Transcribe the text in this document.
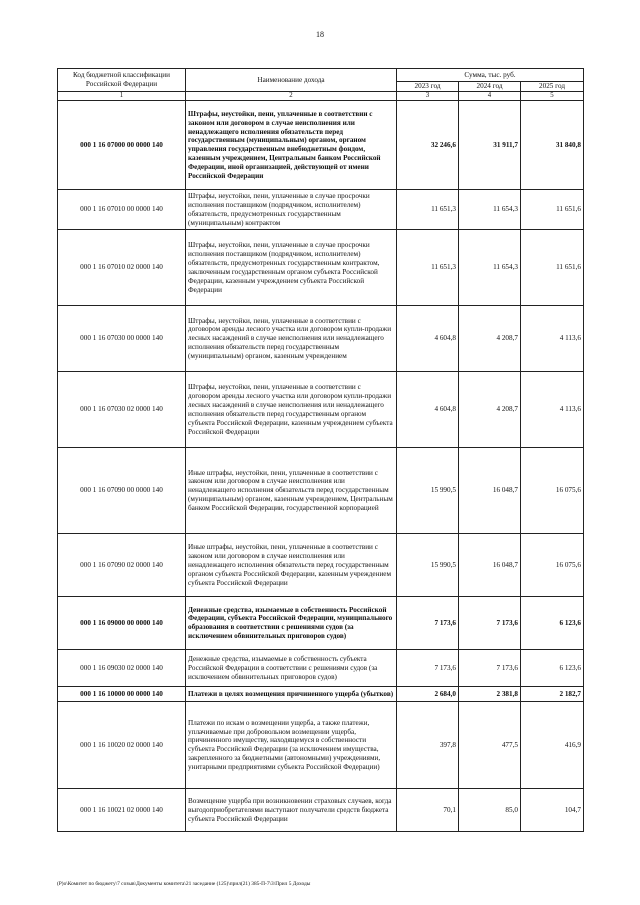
18
Код бюджетной классификации Российской Федерации	Наименование дохода	Сумма, тыс. руб.		
		2023 год	2024 год	2025 год
1	2	3	4	5
000 1 16 07000 00 0000 140	Штрафы, неустойки, пени, уплаченные в соответствии с законом или договором в случае неисполнения или ненадлежащего исполнения обязательств перед государственным (муниципальным) органом, органом управления государственным внебюджетным фондом, казенным учреждением, Центральным банком Российской Федерации, иной организацией, действующей от имени Российской Федерации	32 246,6	31 911,7	31 840,8
000 1 16 07010 00 0000 140	Штрафы, неустойки, пени, уплаченные в случае просрочки исполнения поставщиком (подрядчиком, исполнителем) обязательств, предусмотренных государственным (муниципальным) контрактом	11 651,3	11 654,3	11 651,6
000 1 16 07010 02 0000 140	Штрафы, неустойки, пени, уплаченные в случае просрочки исполнения поставщиком (подрядчиком, исполнителем) обязательств, предусмотренных государственным контрактом, заключенным государственным органом субъекта Российской Федерации, казенным учреждением субъекта Российской Федерации	11 651,3	11 654,3	11 651,6
000 1 16 07030 00 0000 140	Штрафы, неустойки, пени, уплаченные в соответствии с договором аренды лесного участка или договором купли-продажи лесных насаждений в случае неисполнения или ненадлежащего исполнения обязательств перед государственным (муниципальным) органом, казенным учреждением	4 604,8	4 208,7	4 113,6
000 1 16 07030 02 0000 140	Штрафы, неустойки, пени, уплаченные в соответствии с договором аренды лесного участка или договором купли-продажи лесных насаждений в случае неисполнения или ненадлежащего исполнения обязательств перед государственным органом субъекта Российской Федерации, казенным учреждением субъекта Российской Федерации	4 604,8	4 208,7	4 113,6
000 1 16 07090 00 0000 140	Иные штрафы, неустойки, пени, уплаченные в соответствии с законом или договором в случае неисполнения или ненадлежащего исполнения обязательств перед государственным (муниципальным) органом, казенным учреждением, Центральным банком Российской Федерации, государственной корпорацией	15 990,5	16 048,7	16 075,6
000 1 16 07090 02 0000 140	Иные штрафы, неустойки, пени, уплаченные в соответствии с законом или договором в случае неисполнения или ненадлежащего исполнения обязательств перед государственным органом субъекта Российской Федерации, казенным учреждением субъекта Российской Федерации	15 990,5	16 048,7	16 075,6
000 1 16 09000 00 0000 140	Денежные средства, изымаемые в собственность Российской Федерации, субъекта Российской Федерации, муниципального образования в соответствии с решениями судов (за исключением обвинительных приговоров судов)	7 173,6	7 173,6	6 123,6
000 1 16 09030 02 0000 140	Денежные средства, изымаемые в собственность субъекта Российской Федерации в соответствии с решениями судов (за исключением обвинительных приговоров судов)	7 173,6	7 173,6	6 123,6
000 1 16 10000 00 0000 140	Платежи в целях возмещения причиненного ущерба (убытков)	2 684,0	2 381,8	2 182,7
000 1 16 10020 02 0000 140	Платежи по искам о возмещении ущерба, а также платежи, уплачиваемые при добровольном возмещении ущерба, причиненного имуществу, находящемуся в собственности субъекта Российской Федерации (за исключением имущества, закрепленного за бюджетными (автономными) учреждениями, унитарными предприятиями субъекта Российской Федерации)	397,8	477,5	416,9
000 1 16 10021 02 0000 140	Возмещение ущерба при возникновении страховых случаев, когда выгодоприобретателями выступают получатели средств бюджета субъекта Российской Федерации	70,1	85,0	104,7
(Р)о\Комитет по бюджету\7 созыв\Документы комитета\21 заседание (125)\прил(21) 385-П-7\3\Прил 5 Доходы
